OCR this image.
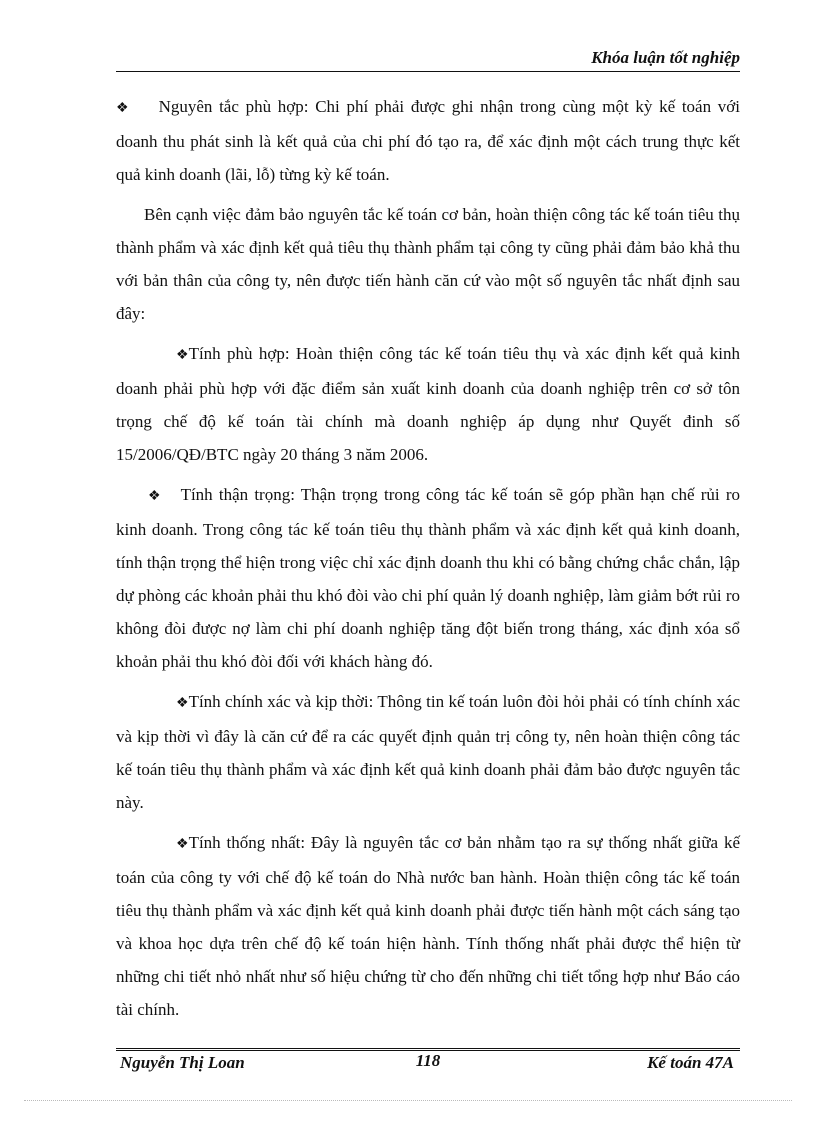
Khóa luận tốt nghiệp

❖ Nguyên tắc phù hợp: Chi phí phải được ghi nhận trong cùng một kỳ kế toán với doanh thu phát sinh là kết quả của chi phí đó tạo ra, để xác định một cách trung thực kết quả kinh doanh (lãi, lỗ) từng kỳ kế toán.

Bên cạnh việc đảm bảo nguyên tắc kế toán cơ bản, hoàn thiện công tác kế toán tiêu thụ thành phẩm và xác định kết quả tiêu thụ thành phẩm tại công ty cũng phải đảm bảo khả thu với bản thân của công ty, nên được tiến hành căn cứ vào một số nguyên tắc nhất định sau đây:

❖Tính phù hợp: Hoàn thiện công tác kế toán tiêu thụ và xác định kết quả kinh doanh phải phù hợp với đặc điểm sản xuất kinh doanh của doanh nghiệp trên cơ sở tôn trọng chế độ kế toán tài chính mà doanh nghiệp áp dụng như Quyết đinh số 15/2006/QĐ/BTC ngày 20 tháng 3 năm 2006.

❖ Tính thận trọng: Thận trọng trong công tác kế toán sẽ góp phần hạn chế rủi ro kinh doanh. Trong công tác kế toán tiêu thụ thành phẩm và xác định kết quả kinh doanh, tính thận trọng thể hiện trong việc chỉ xác định doanh thu khi có bằng chứng chắc chắn, lập dự phòng các khoản phải thu khó đòi vào chi phí quản lý doanh nghiệp, làm giảm bớt rủi ro không đòi được nợ làm chi phí doanh nghiệp tăng đột biến trong tháng, xác định xóa sổ khoản phải thu khó đòi đối với khách hàng đó.

❖Tính chính xác và kịp thời: Thông tin kế toán luôn đòi hỏi phải có tính chính xác và kịp thời vì đây là căn cứ để ra các quyết định quản trị công ty, nên hoàn thiện công tác kế toán tiêu thụ thành phẩm và xác định kết quả kinh doanh phải đảm bảo được nguyên tắc này.

❖Tính thống nhất: Đây là nguyên tắc cơ bản nhằm tạo ra sự thống nhất giữa kế toán của công ty với chế độ kế toán do Nhà nước ban hành. Hoàn thiện công tác kế toán tiêu thụ thành phẩm và xác định kết quả kinh doanh phải được tiến hành một cách sáng tạo và khoa học dựa trên chế độ kế toán hiện hành. Tính thống nhất phải được thể hiện từ những chi tiết nhỏ nhất như số hiệu chứng từ cho đến những chi tiết tổng hợp như Báo cáo tài chính.

Nguyễn Thị Loan	118	Kế toán 47A
